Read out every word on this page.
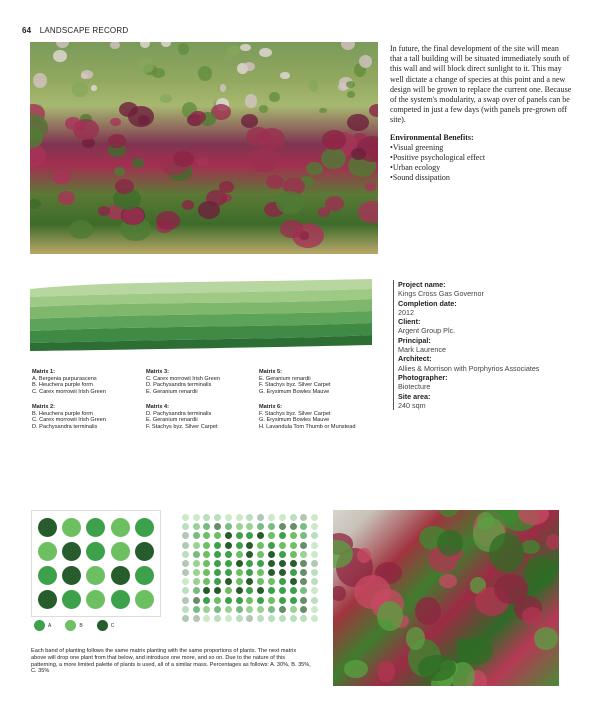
64 LANDSCAPE RECORD
In future, the final development of the site will mean that a tall building will be situated immediately south of this wall and will block direct sunlight to it. This may well dictate a change of species at this point and a new design will be grown to replace the current one. Because of the system's modularity, a swap over of panels can be competed in just a few days (with panels pre-grown off site).
Environmental Benefits:
• Visual greening
• Positive psychological effect
• Urban ecology
• Sound dissipation
Project name:
Kings Cross Gas Governor
Completion date:
2012
Client:
Argent Group Plc.
Principal:
Mark Laurence
Architect:
Allies & Morrison with Porphyrios Associates
Photographer:
Biotecture
Site area:
240 sqm
Matrix 1:
A. Bergenia purpurascens
B. Heuchera purple form
C. Carex morrowii Irish Green
Matrix 2:
B. Heuchera purple form
C. Carex morrowii Irish Green
D. Pachysandra terminalis
Matrix 3:
C. Carex morrowii Irish Green
D. Pachysandra terminalis
E. Geranium renardii
Matrix 4:
D. Pachysandra terminalis
E. Geranium renardii
F. Stachys byz. Silver Carpet
Matrix 5:
E. Geranium renardii
F. Stachys byz. Silver Carpet
G. Erysimum Bowles Mauve
Matrix 6:
F. Stachys byz. Silver Carpet
G. Erysimum Bowles Mauve
H. Lavandula Tom Thumb or Munstead
A	B	C
Each band of planting follows the same matrix planting with the same proportions of plants. The next matrix above will drop one plant from that below, and introduce one more, and so on. Due to the nature of this patterning, a more limited palette of plants is used, all of a similar mass. Percentages as follows: A. 30%, B. 35%, C. 35%
